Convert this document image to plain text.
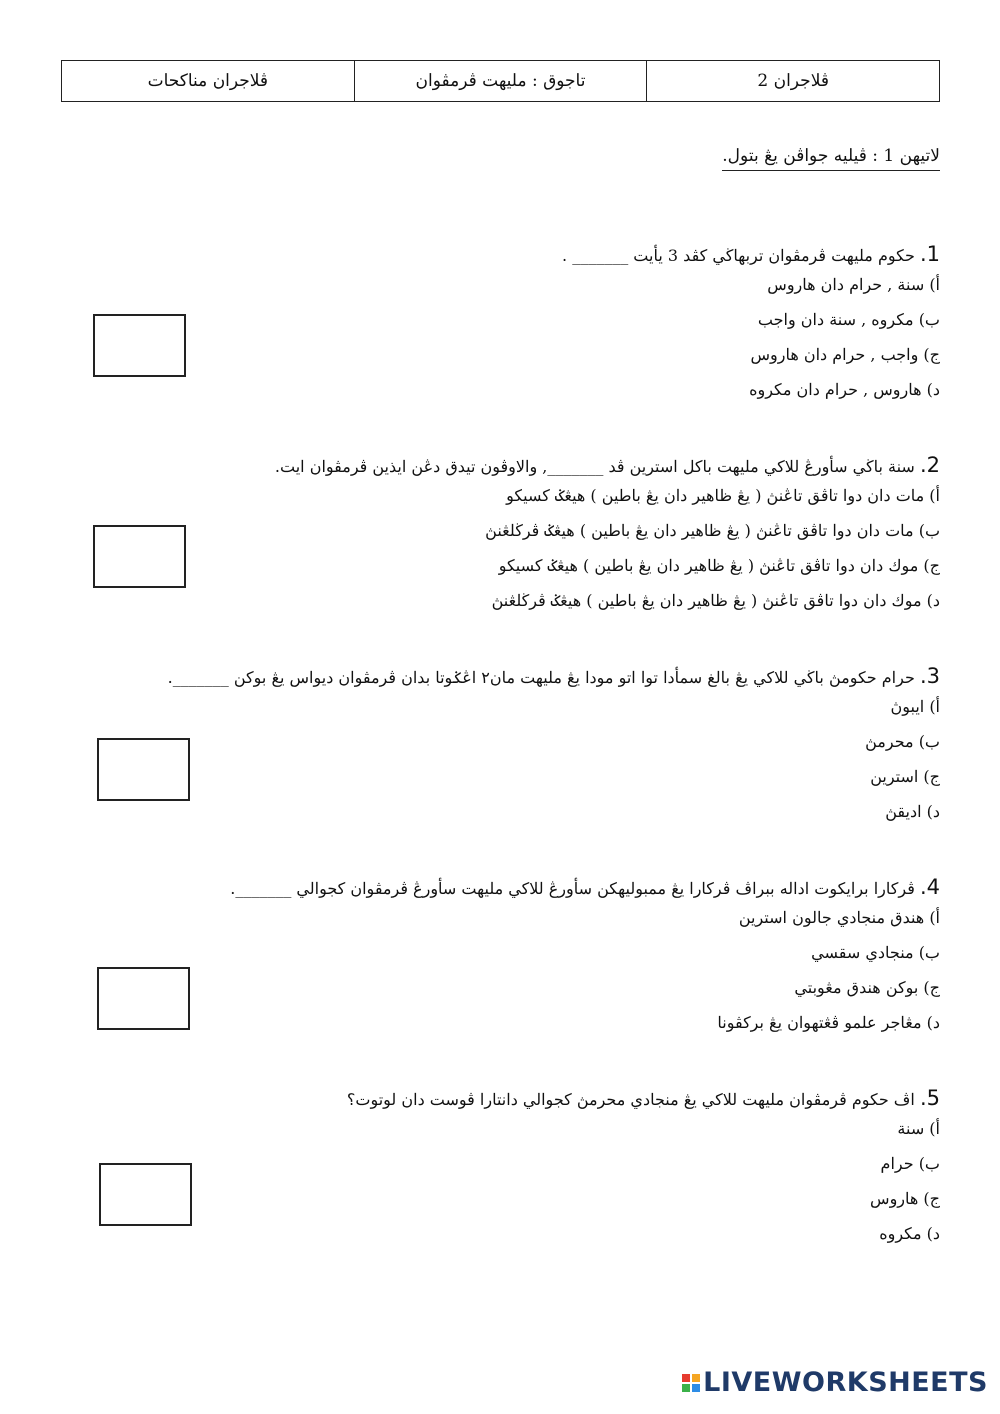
ڤلاجران 2	تاجوق : مليهت ڤرمڤوان	ڤلاجران مناكحات
لاتيهن 1 : ڤيليه جواڤن يڠ بتول.
1. حكوم مليهت ڤرمڤوان تربهاڬي كڤد 3 يأيت _______ .
أ) سنة , حرام دان هاروس
ب) مكروه , سنة دان واجب
ج) واجب , حرام دان هاروس
د) هاروس , حرام دان مكروه
2. سنة باڬي سأورڠ للاكي مليهت باكل استرين ڤد _______, والاوڤون تيدق دڠن ايذين ڤرمڤوان ايت.
أ) مات دان دوا تاڤق تاڠنڽ ( يڠ ظاهير دان يڠ باطين ) هيڠݢ كسيكو
ب) مات دان دوا تاڤق تاڠنڽ ( يڠ ظاهير دان يڠ باطين ) هيڠݢ ڤرڬلڠنڽ
ج) موك دان دوا تاڤق تاڠنڽ ( يڠ ظاهير دان يڠ باطين ) هيڠݢ كسيكو
د) موك دان دوا تاڤق تاڠنڽ ( يڠ ظاهير دان يڠ باطين ) هيڠݢ ڤرڬلڠنڽ
3. حرام حكومڽ باڬي للاكي يڠ بالغ سمأدا توا اتو مودا يڠ مليهت مان٢ اڠݢوتا بدان ڤرمڤوان ديواس يڠ بوكن _______.
أ) ايبوڽ
ب) محرمڽ
ج) استرين
د) اديقڽ
4. ڤركارا برايكوت اداله ببراڤ ڤركارا يڠ ممبوليهكن سأورڠ للاكي مليهت سأورڠ ڤرمڤوان كجوالي _______.
أ) هندق منجادي جالون استرين
ب) منجادي سقسي
ج) بوكن هندق مڠوبتي
د) مڠاجر علمو ڤڠتهوان يڠ بركڤونا
5. اڤ حكوم ڤرمڤوان مليهت للاكي يڠ منجادي محرمڽ كجوالي دانتارا ڤوست دان لوتوت؟
أ) سنة
ب) حرام
ج) هاروس
د) مكروه
LIVEWORKSHEETS
